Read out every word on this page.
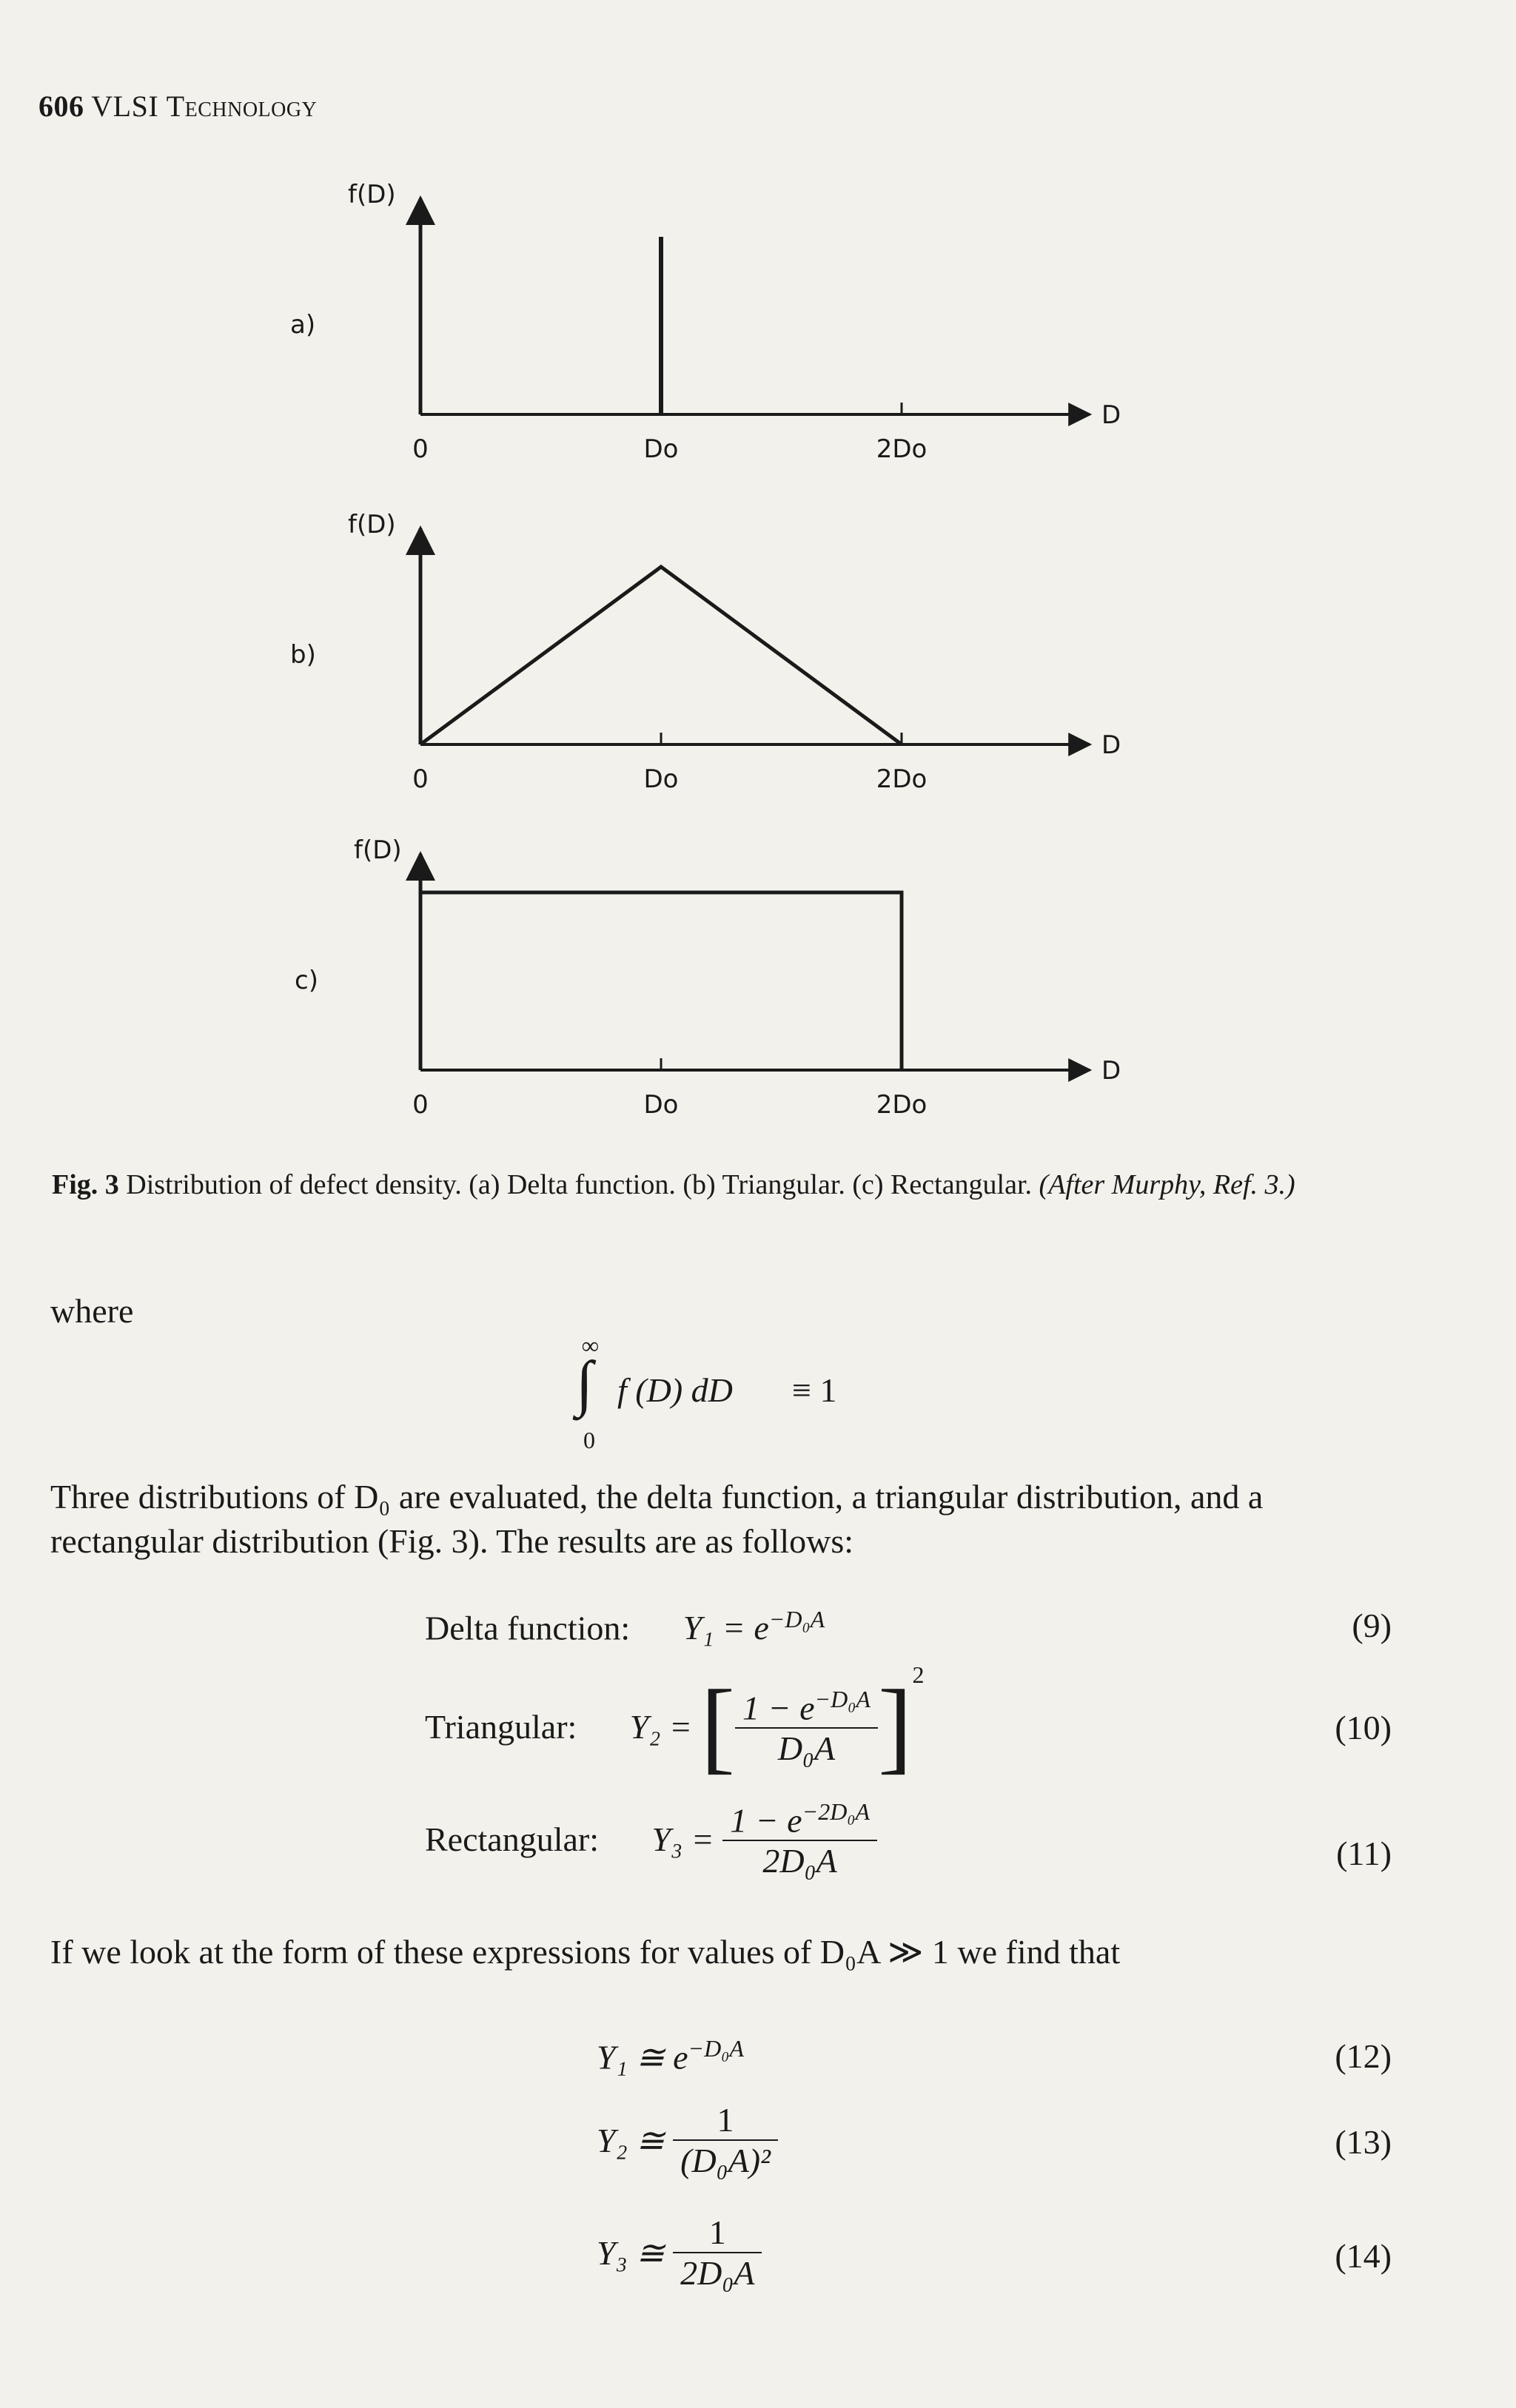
606 VLSI Technology
a)
f(D)
D
0	Do	2Do
b)
f(D)
D
0	Do	2Do
c)
f(D)
D
0	Do	2Do
Fig. 3 Distribution of defect density. (a) Delta function. (b) Triangular. (c) Rectangular. (After Murphy, Ref. 3.)
where
∞
∫
0
f (D) dD ≡ 1
Three distributions of D₀ are evaluated, the delta function, a triangular distribution, and a rectangular distribution (Fig. 3). The results are as follows:
Delta function: $Y_1 = e^{-D_0A}$	(9)
Triangular: Y₂ = [ $\frac{1 - e^{-D_0A}}{\text{D₀A}} ]^2$
(10)
Rectangular: $Y_3 = \frac{1 - e^{-2D_0A}}{\text{2D₀A}}$	(11)
If we look at the form of these expressions for values of D₀A ≫ 1 we find that
Y₁ ≅ $e^{-D_0A}$	(12)
Y₂ ≅ $\frac{1}{\text{(D₀A)²}}$	(13)
Y₃ ≅ $\frac{1}{\text{2D₀A}}$	(14)
